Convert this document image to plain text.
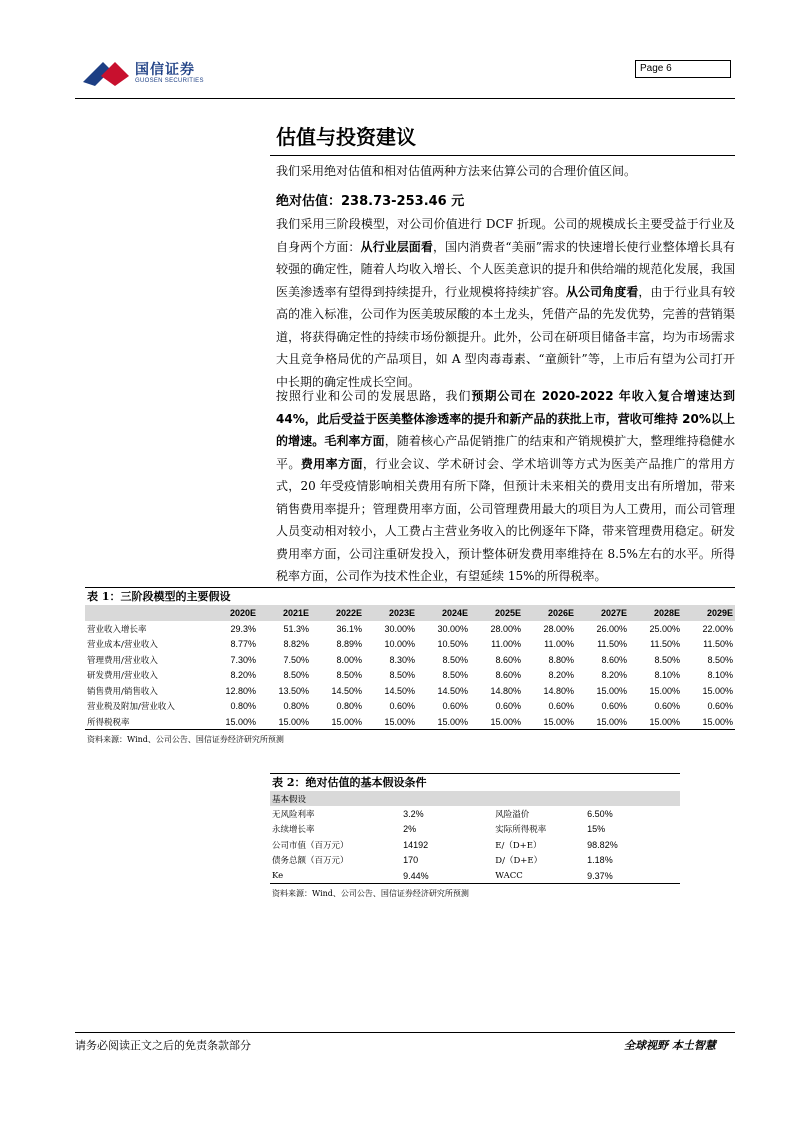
国信证券
GUOSEN SECURITIES
Page 6
估值与投资建议
我们采用绝对估值和相对估值两种方法来估算公司的合理价值区间。
绝对估值：238.73-253.46 元
我们采用三阶段模型，对公司价值进行 DCF 折现。公司的规模成长主要受益于行业及自身两个方面：从行业层面看，国内消费者“美丽”需求的快速增长使行业整体增长具有较强的确定性，随着人均收入增长、个人医美意识的提升和供给端的规范化发展，我国医美渗透率有望得到持续提升，行业规模将持续扩容。从公司角度看，由于行业具有较高的准入标准，公司作为医美玻尿酸的本土龙头，凭借产品的先发优势，完善的营销渠道，将获得确定性的持续市场份额提升。此外，公司在研项目储备丰富，均为市场需求大且竞争格局优的产品项目，如 A 型肉毒毒素、“童颜针”等，上市后有望为公司打开中长期的确定性成长空间。
按照行业和公司的发展思路，我们预期公司在 2020-2022 年收入复合增速达到 44%，此后受益于医美整体渗透率的提升和新产品的获批上市，营收可维持 20%以上的增速。毛利率方面，随着核心产品促销推广的结束和产销规模扩大，整理维持稳健水平。费用率方面，行业会议、学术研讨会、学术培训等方式为医美产品推广的常用方式，20 年受疫情影响相关费用有所下降，但预计未来相关的费用支出有所增加，带来销售费用率提升；管理费用率方面，公司管理费用最大的项目为人工费用，而公司管理人员变动相对较小，人工费占主营业务收入的比例逐年下降，带来管理费用稳定。研发费用率方面，公司注重研发投入，预计整体研发费用率维持在 8.5%左右的水平。所得税率方面，公司作为技术性企业，有望延续 15%的所得税率。
表 1：三阶段模型的主要假设
	2020E	2021E	2022E	2023E	2024E	2025E	2026E	2027E	2028E	2029E
营业收入增长率	29.3%	51.3%	36.1%	30.00%	30.00%	28.00%	28.00%	26.00%	25.00%	22.00%
营业成本/营业收入	8.77%	8.82%	8.89%	10.00%	10.50%	11.00%	11.00%	11.50%	11.50%	11.50%
管理费用/营业收入	7.30%	7.50%	8.00%	8.30%	8.50%	8.60%	8.80%	8.60%	8.50%	8.50%
研发费用/营业收入	8.20%	8.50%	8.50%	8.50%	8.50%	8.60%	8.20%	8.20%	8.10%	8.10%
销售费用/销售收入	12.80%	13.50%	14.50%	14.50%	14.50%	14.80%	14.80%	15.00%	15.00%	15.00%
营业税及附加/营业收入	0.80%	0.80%	0.80%	0.60%	0.60%	0.60%	0.60%	0.60%	0.60%	0.60%
所得税税率	15.00%	15.00%	15.00%	15.00%	15.00%	15.00%	15.00%	15.00%	15.00%	15.00%
资料来源：Wind、公司公告、国信证券经济研究所预测
表 2：绝对估值的基本假设条件
基本假设			
无风险利率	3.2%	风险溢价	6.50%
永续增长率	2%	实际所得税率	15%
公司市值（百万元）	14192	E/（D+E）	98.82%
债务总额（百万元）	170	D/（D+E）	1.18%
Ke	9.44%	WACC	9.37%
资料来源：Wind、公司公告、国信证券经济研究所预测
请务必阅读正文之后的免责条款部分	全球视野 本土智慧
